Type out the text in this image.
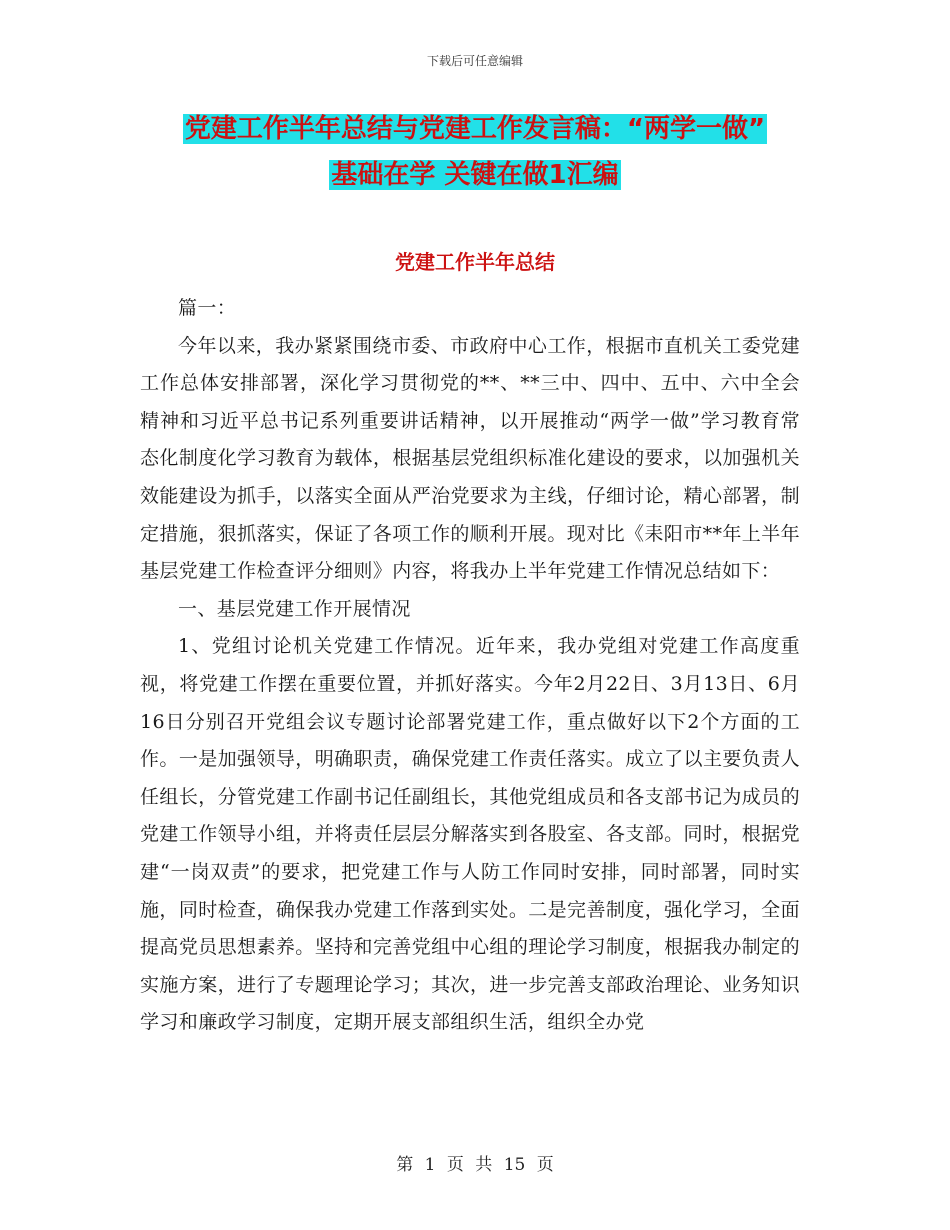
下载后可任意编辑
党建工作半年总结与党建工作发言稿：“两学一做”
基础在学 关键在做1汇编
党建工作半年总结

篇一：

今年以来，我办紧紧围绕市委、市政府中心工作，根据市直机关工委党建工作总体安排部署，深化学习贯彻党的**、**三中、四中、五中、六中全会精神和习近平总书记系列重要讲话精神，以开展推动“两学一做”学习教育常态化制度化学习教育为载体，根据基层党组织标准化建设的要求，以加强机关效能建设为抓手，以落实全面从严治党要求为主线，仔细讨论，精心部署，制定措施，狠抓落实，保证了各项工作的顺利开展。现对比《耒阳市**年上半年基层党建工作检查评分细则》内容，将我办上半年党建工作情况总结如下：

一、基层党建工作开展情况

1、党组讨论机关党建工作情况。近年来，我办党组对党建工作高度重视，将党建工作摆在重要位置，并抓好落实。今年2月22日、3月13日、6月16日分别召开党组会议专题讨论部署党建工作，重点做好以下2个方面的工作。一是加强领导，明确职责，确保党建工作责任落实。成立了以主要负责人任组长，分管党建工作副书记任副组长，其他党组成员和各支部书记为成员的党建工作领导小组，并将责任层层分解落实到各股室、各支部。同时，根据党建“一岗双责”的要求，把党建工作与人防工作同时安排，同时部署，同时实施，同时检查，确保我办党建工作落到实处。二是完善制度，强化学习，全面提高党员思想素养。坚持和完善党组中心组的理论学习制度，根据我办制定的实施方案，进行了专题理论学习；其次，进一步完善支部政治理论、业务知识学习和廉政学习制度，定期开展支部组织生活，组织全办党

第 1 页 共 15 页
